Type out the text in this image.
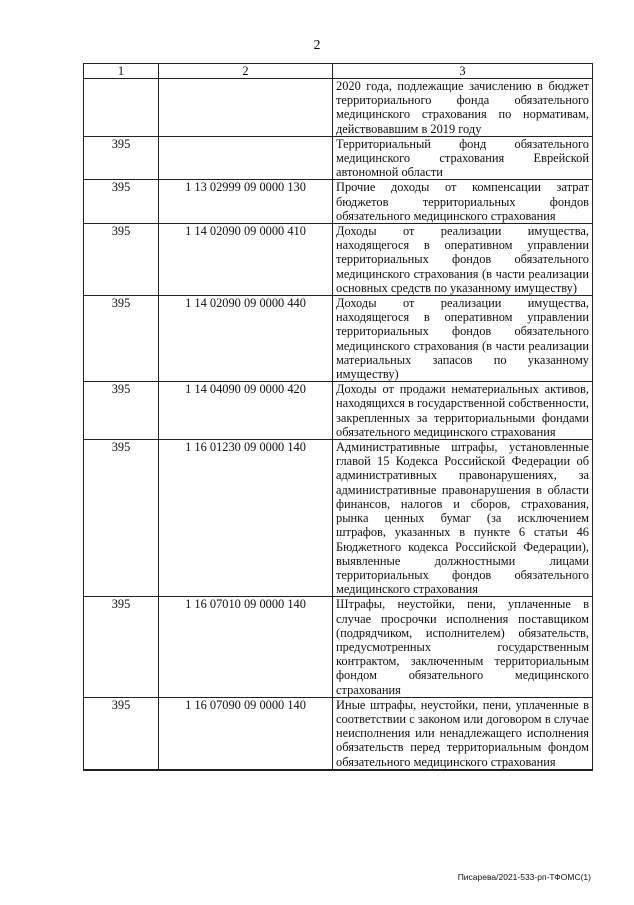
2
1	2	3
		2020 года, подлежащие зачислению в бюджет территориального фонда обязательного медицинского страхования по нормативам, действовавшим в 2019 году
395		Территориальный фонд обязательного медицинского страхования Еврейской автономной области
395	1 13 02999 09 0000 130	Прочие доходы от компенсации затрат бюджетов территориальных фондов обязательного медицинского страхования
395	1 14 02090 09 0000 410	Доходы от реализации имущества, находящегося в оперативном управлении территориальных фондов обязательного медицинского страхования (в части реализации основных средств по указанному имуществу)
395	1 14 02090 09 0000 440	Доходы от реализации имущества, находящегося в оперативном управлении территориальных фондов обязательного медицинского страхования (в части реализации материальных запасов по указанному имуществу)
395	1 14 04090 09 0000 420	Доходы от продажи нематериальных активов, находящихся в государственной собственности, закрепленных за территориальными фондами обязательного медицинского страхования
395	1 16 01230 09 0000 140	Административные штрафы, установленные главой 15 Кодекса Российской Федерации об административных правонарушениях, за административные правонарушения в области финансов, налогов и сборов, страхования, рынка ценных бумаг (за исключением штрафов, указанных в пункте 6 статьи 46 Бюджетного кодекса Российской Федерации), выявленные должностными лицами территориальных фондов обязательного медицинского страхования
395	1 16 07010 09 0000 140	Штрафы, неустойки, пени, уплаченные в случае просрочки исполнения поставщиком (подрядчиком, исполнителем) обязательств, предусмотренных государственным контрактом, заключенным территориальным фондом обязательного медицинского страхования
395	1 16 07090 09 0000 140	Иные штрафы, неустойки, пени, уплаченные в соответствии с законом или договором в случае неисполнения или ненадлежащего исполнения обязательств перед территориальным фондом обязательного медицинского страхования

Писарева/2021-533-рп-ТФОМС(1)
